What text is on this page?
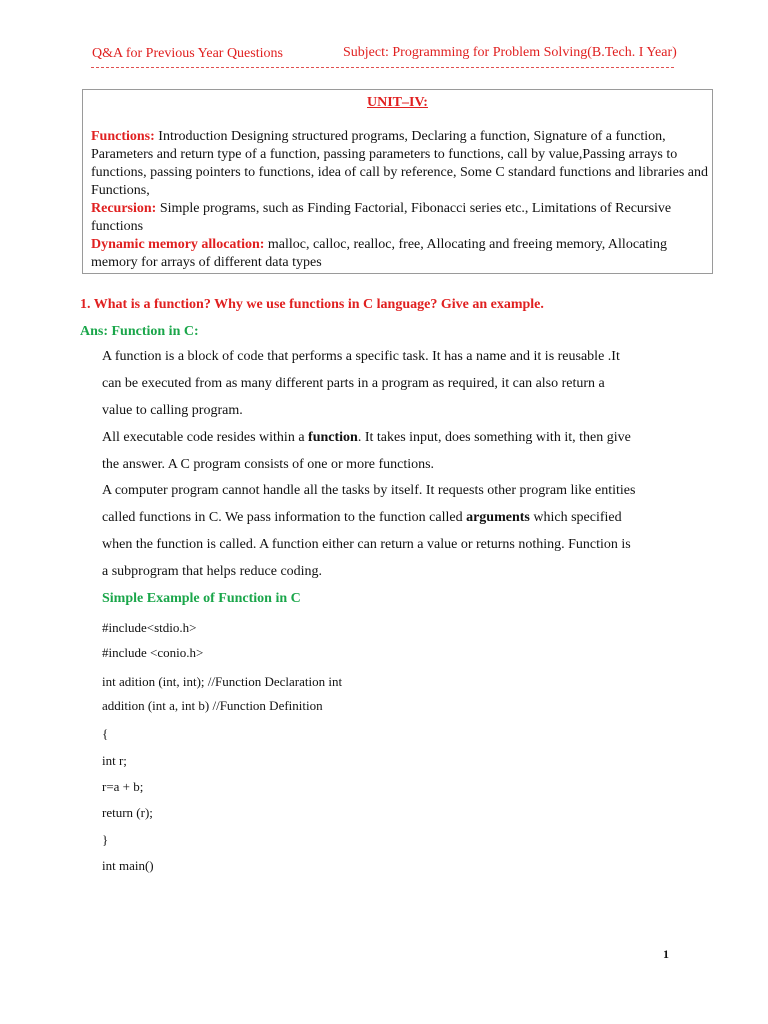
Q&A for Previous Year Questions	Subject: Programming for Problem Solving(B.Tech. I Year)
UNIT–IV:
Functions: Introduction Designing structured programs, Declaring a function, Signature of a function, Parameters and return type of a function, passing parameters to functions, call by value,Passing arrays to functions, passing pointers to functions, idea of call by reference, Some C standard functions and libraries and Functions,
Recursion: Simple programs, such as Finding Factorial, Fibonacci series etc., Limitations of Recursive functions
Dynamic memory allocation: malloc, calloc, realloc, free, Allocating and freeing memory, Allocating memory for arrays of different data types
1. What is a function? Why we use functions in C language? Give an example.
Ans: Function in C:
A function is a block of code that performs a specific task. It has a name and it is reusable .It
can be executed from as many different parts in a program as required, it can also return a
value to calling program.
All executable code resides within a function. It takes input, does something with it, then give
the answer. A C program consists of one or more functions.
A computer program cannot handle all the tasks by itself. It requests other program like entities
called functions in C. We pass information to the function called arguments which specified
when the function is called. A function either can return a value or returns nothing. Function is
a subprogram that helps reduce coding.
Simple Example of Function in C
#include<stdio.h>
#include <conio.h>
int adition (int, int); //Function Declaration int
addition (int a, int b) //Function Definition
{
int r;
r=a + b;
return (r);
}
int main()
1
